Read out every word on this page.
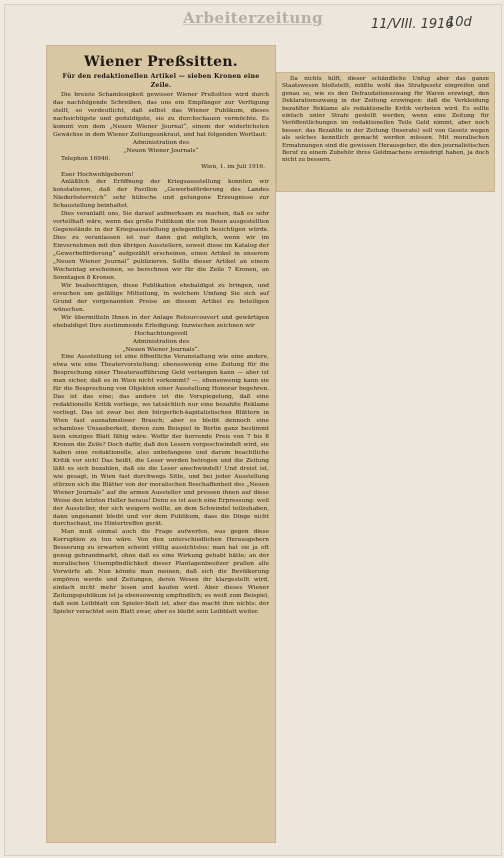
Arbeiterzeitung	11/VIII. 1916
10d
Wiener Preßsitten.
Für den redaktionellen Artikel — sieben Kronen eine Zeile.

Die breiste Schamlosigkeit gewisser Wiener Preßsitten wird durch das nachfolgende Schreiben, das uns ein Empfänger zur Verfügung stellt, so verdeutlicht, daß selbst das Wiener Publikum, dieses nachsichtigste und geduldigste, sie zu durchschauen vermöchte. Es kommt von dem „Neuen Wiener Journal“, einem der widerlichsten Gewächse in dem Wiener Zeitungsunkraut, und hat folgenden Wortlaut:

Administration des

„Neuen Wiener Journals“

Telephon 16940.

Wien, 1. im Juli 1916.

Euer Hochwohlgeboren!

Anläßlich der Eröffnung der Kriegsausstellung konnten wir konstatieren, daß der Pavillon „Gewerbeförderung des Landes Niederösterreich“ sehr hübsche und gelungene Erzeugnisse zur Schaustellung beinhaltet.

Dies veranlaßt uns, Sie darauf aufmerksam zu machen, daß es sehr vorteilhaft wäre, wenn das große Publikum die von Ihnen ausgestellten Gegenstände in der Kriegsausstellung gelegentlich besichtigen würde. Dies zu veranlassen ist nur dann gut möglich, wenn wir im Einvernehmen mit den übrigen Ausstellern, soweit diese im Katalog der „Gewerbeförderung“ aufgezählt erscheinen, einen Artikel in unserem „Neuen Wiener Journal“ publizieren. Sollte dieser Artikel an einem Wochentag erscheinen, so berechnen wir für die Zeile 7 Kronen, an Sonntagen 8 Kronen.

Wir beabsichtigen, diese Publikation ehebaldigst zu bringen, und ersuchen um gefällige Mitteilung, in welchem Umfang Sie sich auf Grund der vorgenannten Preise an diesem Artikel zu beteiligen wünschen.

Wir übermitteln Ihnen in der Anlage Retourcouvert und gewärtigen ehebaldigst Ihre zustimmende Erledigung. Inzwischen zeichnen wir

Hochachtungsvoll

Administration des

„Neuen Wiener Journals“.

Eine Ausstellung ist eine öffentliche Veranstaltung wie eine andere, etwa wie eine Theatervorstellung; ebensowenig eine Zeitung für die Besprechung einer Theateraufführung Geld verlangen kann — aber ist man sicher, daß es in Wien nicht vorkommt? —, ebensowenig kann sie für die Besprechung von Objekten einer Ausstellung Honorar begehren. Das ist das eine; das andere ist die Vorspiegelung, daß eine redaktionelle Kritik vorliege, wo tatsächlich nur eine bezahlte Reklame vorliegt. Das ist zwar bei den bürgerlich-kapitalistischen Blättern in Wien fast ausnahmsloser Brauch; aber es bleibt dennoch eine schamlose Unsauberkeit, deren zum Beispiel in Berlin ganz bestimmt kein einziges Blatt fähig wäre. Wofür der horrende Preis von 7 bis 8 Kronen die Zeile? Doch dafür, daß den Lesern vorgeschwindelt wird, sie haben eine redaktionelle, also unbefangene und darum beachtliche Kritik vor sich! Das heißt, die Leser werden betrogen und die Zeitung läßt es sich bezahlen, daß sie die Leser anschwindelt! Und dreist ist, wie gesagt, in Wien fast durchwegs Sitte, und bei jeder Ausstellung stürzen sich die Blätter von der moralischen Beschaffenheit des „Neuen Wiener Journals“ auf die armen Aussteller und pressen ihnen auf diese Weise den letzten Heller heraus! Denn es ist auch eine Erpressung: weil der Aussteller, der sich weigern wollte, an dem Schwindel teilzuhaben, dann ungenannt bleibt und vor dem Publikum, dass die Dinge nicht durchschaut, ins Hintertreffen gerät.

Man muß einmal auch die Frage aufwerfen, was gegen diese Korruption zu tun wäre. Von den unterschiedlichen Herausgebern Besserung zu erwarten scheint völlig aussichtslos; man hat sie ja oft genug gebrandmarkt, ohne daß es eine Wirkung gehabt hätte; an der moralischen Unempfindlichkeit dieser Plantagenbesitzer prallen alle Vorwürfe ab. Nun könnte man meinen, daß sich die Bevölkerung empören werde und Zeitungen, deren Wesen ihr klargestellt wird, einfach nicht mehr lesen und kaufen wird. Aber dieses Wiener Zeitungspublikum ist ja ebensowenig empfindlich; es weiß zum Beispiel, daß sein Leibblatt ein Spieler-blatt ist, aber das macht ihm nichts: der Spieler verachtet sein Blatt zwar, aber es bleibt sein Leibblatt weiter.

Da nichts hilft, dieser schändliche Unfug aber das ganze Staatswesen bloßstellt, müßte wohl das Strafgesetz eingreifen und genau so, wie es den Defraudationszwang für Waren erzwingt, den Deklarationszwang in der Zeitung erzwingen: daß die Verkleidung bezahlter Reklame als redaktionelle Kritik verboten wird. Es sollte einfach unter Strafe gestellt werden, wenn eine Zeitung für Veröffentlichungen im redaktionellen Teile Geld nimmt, aber noch besser: das Bezahlte in der Zeitung (Inserate) soll von Gesetz wegen als solches kenntlich gemacht werden müssen. Mit moralischen Ermahnungen sind die gewissen Herausgeber, die den journalistischen Beruf zu einem Zubehör ihres Geldmachens erniedrigt haben, ja doch nicht zu bessern.
